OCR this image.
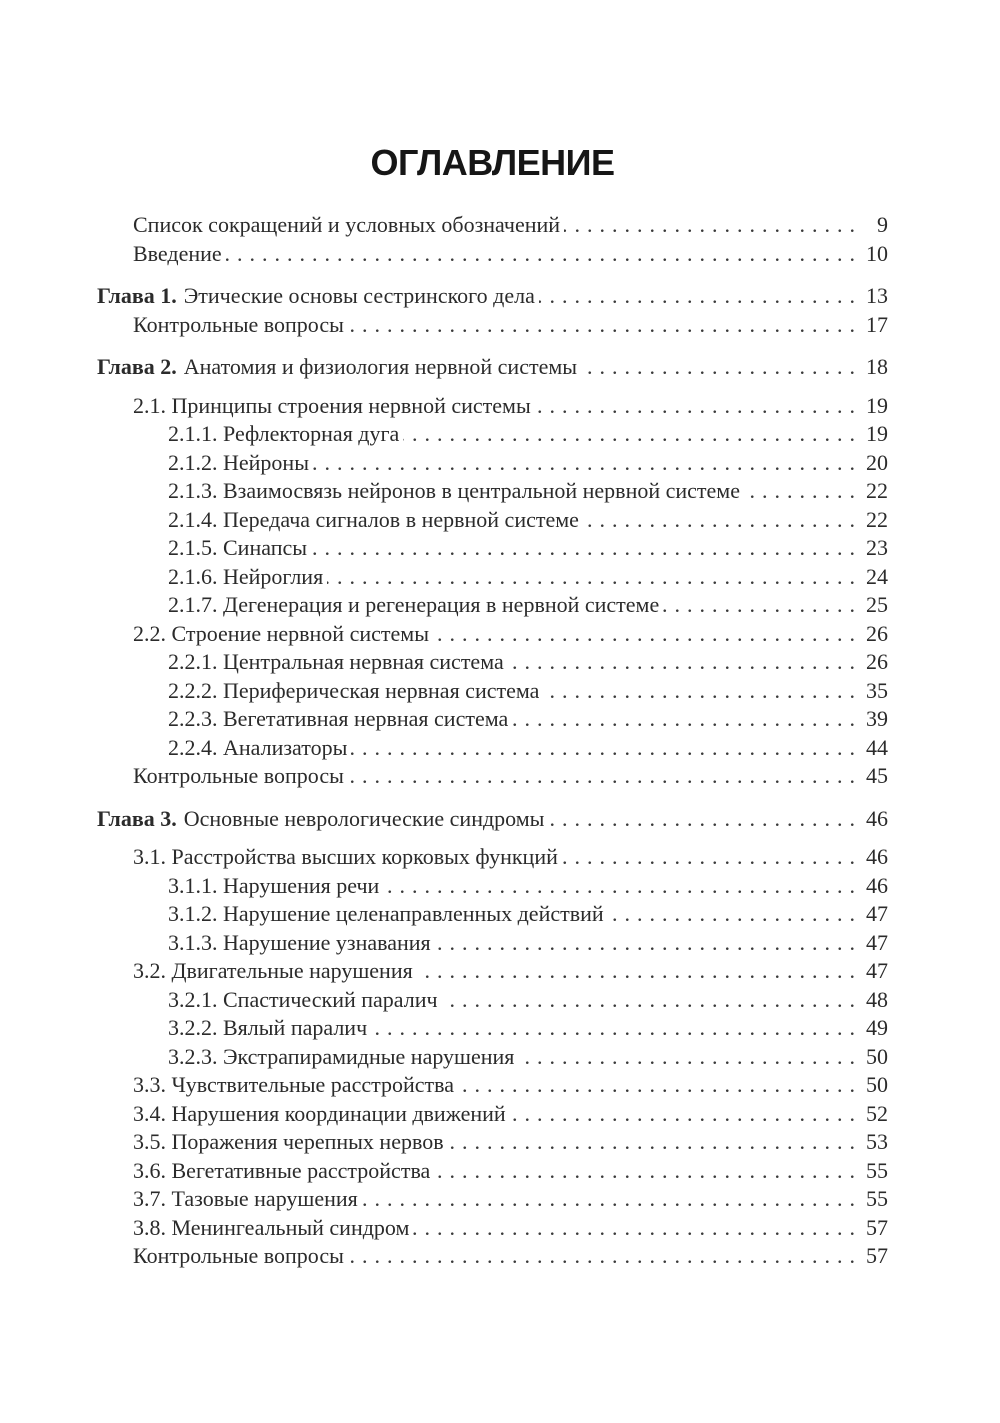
ОГЛАВЛЕНИЕ
Список сокращений и условных обозначений . . .	9
Введение . . .	10
Глава 1. Этические основы сестринского дела . . .	13
Контрольные вопросы . . .	17
Глава 2. Анатомия и физиология нервной системы . . .	18
2.1. Принципы строения нервной системы . . .	19
2.1.1. Рефлекторная дуга . . .	19
2.1.2. Нейроны . . .	20
2.1.3. Взаимосвязь нейронов в центральной нервной системе . . .	22
2.1.4. Передача сигналов в нервной системе . . .	22
2.1.5. Синапсы . . .	23
2.1.6. Нейроглия . . .	24
2.1.7. Дегенерация и регенерация в нервной системе . . .	25
2.2. Строение нервной системы . . .	26
2.2.1. Центральная нервная система . . .	26
2.2.2. Периферическая нервная система . . .	35
2.2.3. Вегетативная нервная система . . .	39
2.2.4. Анализаторы . . .	44
Контрольные вопросы . . .	45
Глава 3. Основные неврологические синдромы . . .	46
3.1. Расстройства высших корковых функций . . .	46
3.1.1. Нарушения речи . . .	46
3.1.2. Нарушение целенаправленных действий . . .	47
3.1.3. Нарушение узнавания . . .	47
3.2. Двигательные нарушения . . .	47
3.2.1. Спастический паралич . . .	48
3.2.2. Вялый паралич . . .	49
3.2.3. Экстрапирамидные нарушения . . .	50
3.3. Чувствительные расстройства . . .	50
3.4. Нарушения координации движений . . .	52
3.5. Поражения черепных нервов . . .	53
3.6. Вегетативные расстройства . . .	55
3.7. Тазовые нарушения . . .	55
3.8. Менингеальный синдром . . .	57
Контрольные вопросы . . .	57
